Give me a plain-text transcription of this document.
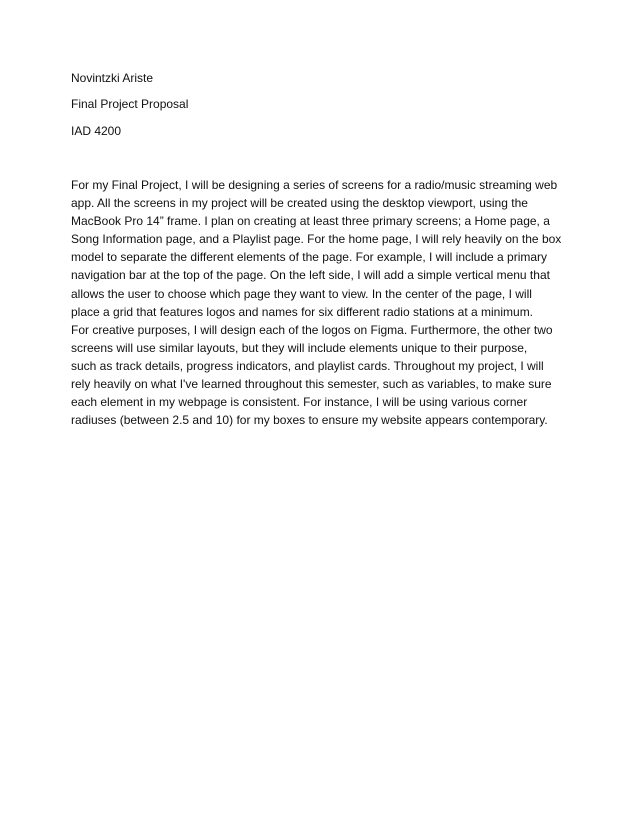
Novintzki Ariste
Final Project Proposal
IAD 4200

For my Final Project, I will be designing a series of screens for a radio/music streaming web
app. All the screens in my project will be created using the desktop viewport, using the
MacBook Pro 14” frame. I plan on creating at least three primary screens; a Home page, a
Song Information page, and a Playlist page. For the home page, I will rely heavily on the box
model to separate the different elements of the page. For example, I will include a primary
navigation bar at the top of the page. On the left side, I will add a simple vertical menu that
allows the user to choose which page they want to view. In the center of the page, I will
place a grid that features logos and names for six different radio stations at a minimum.
For creative purposes, I will design each of the logos on Figma. Furthermore, the other two
screens will use similar layouts, but they will include elements unique to their purpose,
such as track details, progress indicators, and playlist cards. Throughout my project, I will
rely heavily on what I've learned throughout this semester, such as variables, to make sure
each element in my webpage is consistent. For instance, I will be using various corner
radiuses (between 2.5 and 10) for my boxes to ensure my website appears contemporary.
